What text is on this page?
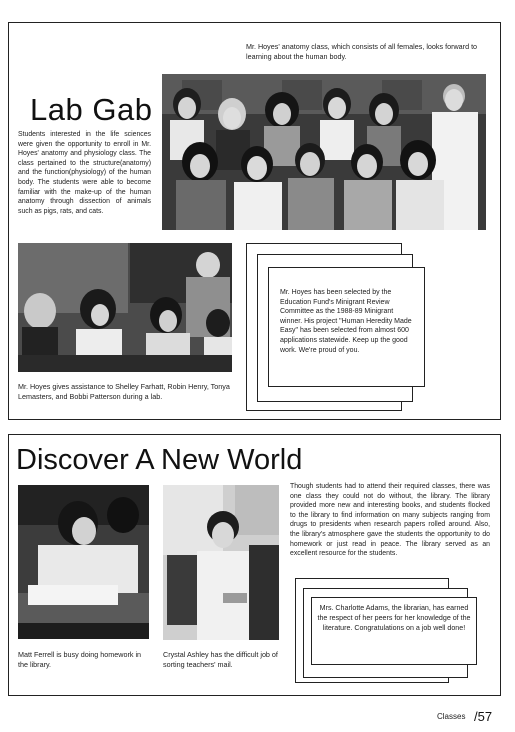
Mr. Hoyes' anatomy class, which consists of all females, looks forward to learning about the human body.
Lab Gab
Students interested in the life sciences were given the opportunity to enroll in Mr. Hoyes' anatomy and physiology class. The class pertained to the structure(anatomy) and the function(physiology) of the human body. The students were able to become familiar with the make-up of the human anatomy through dissection of animals such as pigs, rats, and cats.
Mr. Hoyes gives assistance to Shelley Farhatt, Robin Henry, Tonya Lemasters, and Bobbi Patterson during a lab.
Mr. Hoyes has been selected by the Education Fund's Minigrant Review Committee as the 1988-89 Minigrant winner. His project "Human Heredity Made Easy" has been selected from almost 600 applications statewide. Keep up the good work. We're proud of you.
Discover A New World
Though students had to attend their required classes, there was one class they could not do without, the library. The library provided more new and interesting books, and students flocked to the library to find information on many subjects ranging from drugs to presidents when research papers rolled around. Also, the library's atmosphere gave the students the opportunity to do homework or just read in peace. The library served as an excellent resource for the students.
Matt Ferrell is busy doing homework in the library.
Crystal Ashley has the difficult job of sorting teachers' mail.
Mrs. Charlotte Adams, the librarian, has earned the respect of her peers for her knowledge of the literature. Congratulations on a job well done!
Classes /57
